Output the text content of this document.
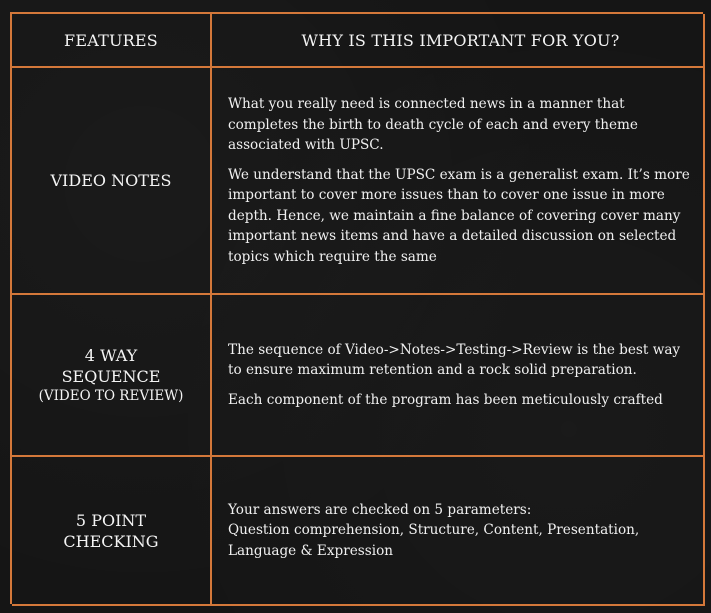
FEATURES	WHY IS THIS IMPORTANT FOR YOU?
VIDEO NOTES

What you really need is connected news in a manner that completes the birth to death cycle of each and every theme associated with UPSC.

We understand that the UPSC exam is a generalist exam. It’s more important to cover more issues than to cover one issue in more depth. Hence, we maintain a fine balance of covering cover many important news items and have a detailed discussion on selected topics which require the same

4 WAY
SEQUENCE
(VIDEO TO REVIEW)

The sequence of Video->Notes->Testing->Review is the best way to ensure maximum retention and a rock solid preparation.

Each component of the program has been meticulously crafted

5 POINT
CHECKING

Your answers are checked on 5 parameters:

Question comprehension, Structure, Content, Presentation, Language & Expression
